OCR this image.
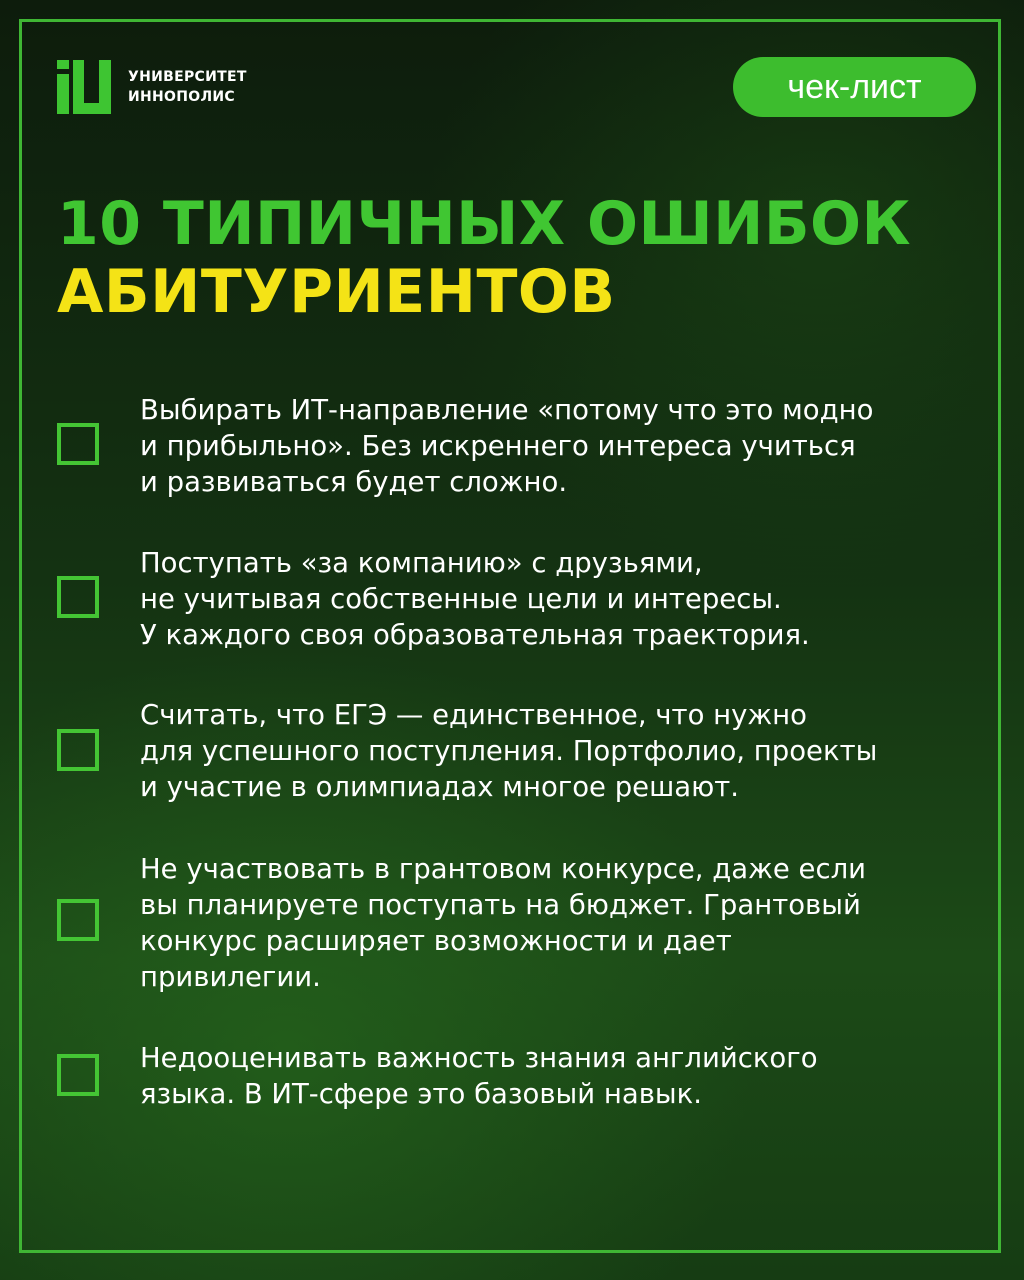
УНИВЕРСИТЕТ
ИННОПОЛИС	чек-лист
10 ТИПИЧНЫХ ОШИБОК
АБИТУРИЕНТОВ

Выбирать ИТ-направление «потому что это модно
и прибыльно». Без искреннего интереса учиться
и развиваться будет сложно.

Поступать «за компанию» с друзьями,
не учитывая собственные цели и интересы.
У каждого своя образовательная траектория.

Считать, что ЕГЭ — единственное, что нужно
для успешного поступления. Портфолио, проекты
и участие в олимпиадах многое решают.

Не участвовать в грантовом конкурсе, даже если
вы планируете поступать на бюджет. Грантовый
конкурс расширяет возможности и дает
привилегии.

Недооценивать важность знания английского
языка. В ИТ-сфере это базовый навык.
